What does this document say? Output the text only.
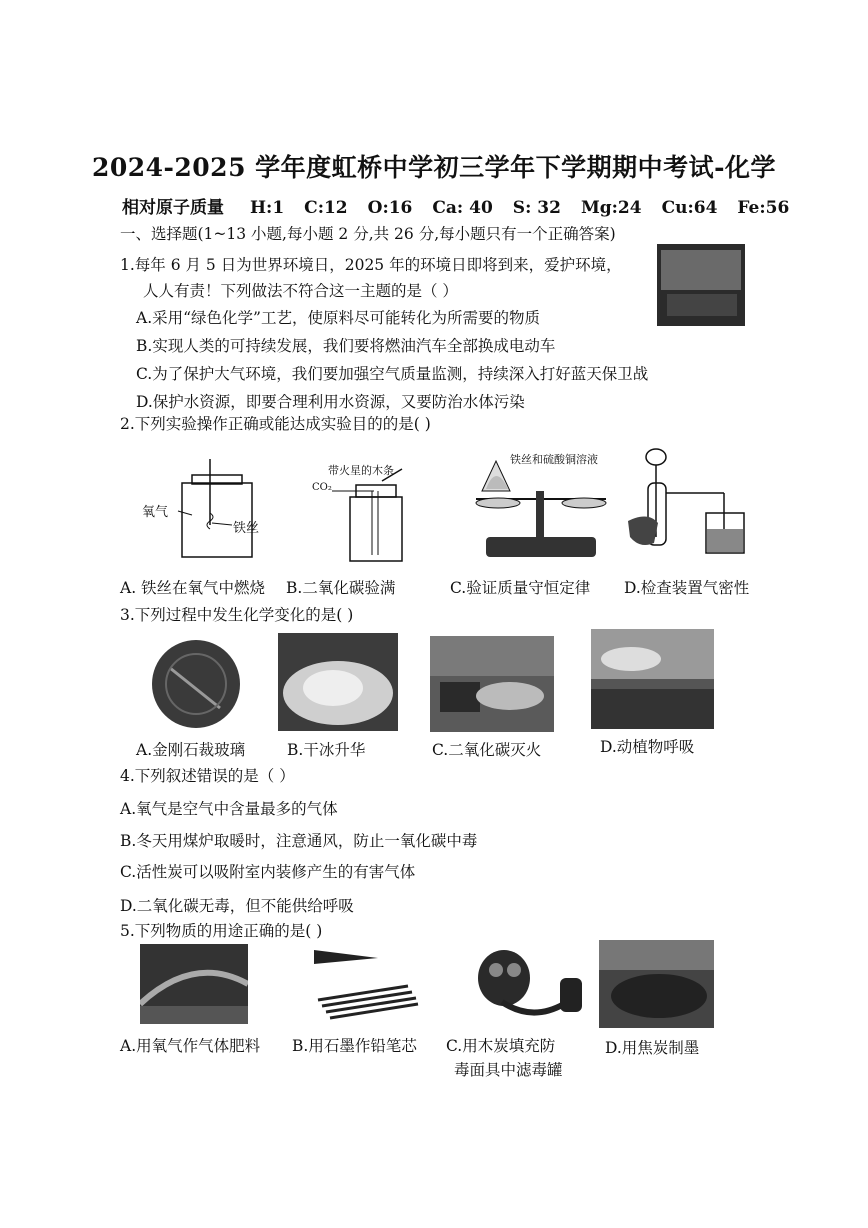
2024-2025 学年度虹桥中学初三学年下学期期中考试-化学
相对原子质量 H:1 C:12 O:16 Ca: 40 S: 32 Mg:24 Cu:64 Fe:56
一、选择题(1~13 小题,每小题 2 分,共 26 分,每小题只有一个正确答案)
1.每年 6 月 5 日为世界环境日，2025 年的环境日即将到来，爱护环境，
人人有责！下列做法不符合这一主题的是（ ）
A.采用“绿色化学”工艺，使原料尽可能转化为所需要的物质
B.实现人类的可持续发展，我们要将燃油汽车全部换成电动车
C.为了保护大气环境，我们要加强空气质量监测，持续深入打好蓝天保卫战
D.保护水资源，即要合理利用水资源，又要防治水体污染
2.下列实验操作正确或能达成实验目的的是( )
氧气
铁丝
带火星的木条
CO₂
铁丝和硫酸铜溶液
A. 铁丝在氧气中燃烧 B.二氧化碳验满	C.验证质量守恒定律 D.检查装置气密性
3.下列过程中发生化学变化的是( )
A.金刚石裁玻璃	B.干冰升华	C.二氧化碳灭火	D.动植物呼吸
4.下列叙述错误的是（ ）
A.氧气是空气中含量最多的气体
B.冬天用煤炉取暖时，注意通风，防止一氧化碳中毒
C.活性炭可以吸附室内装修产生的有害气体
D.二氧化碳无毒，但不能供给呼吸
5.下列物质的用途正确的是( )
A.用氧气作气体肥料 B.用石墨作铅笔芯 C.用木炭填充防
毒面具中滤毒罐
D.用焦炭制墨
